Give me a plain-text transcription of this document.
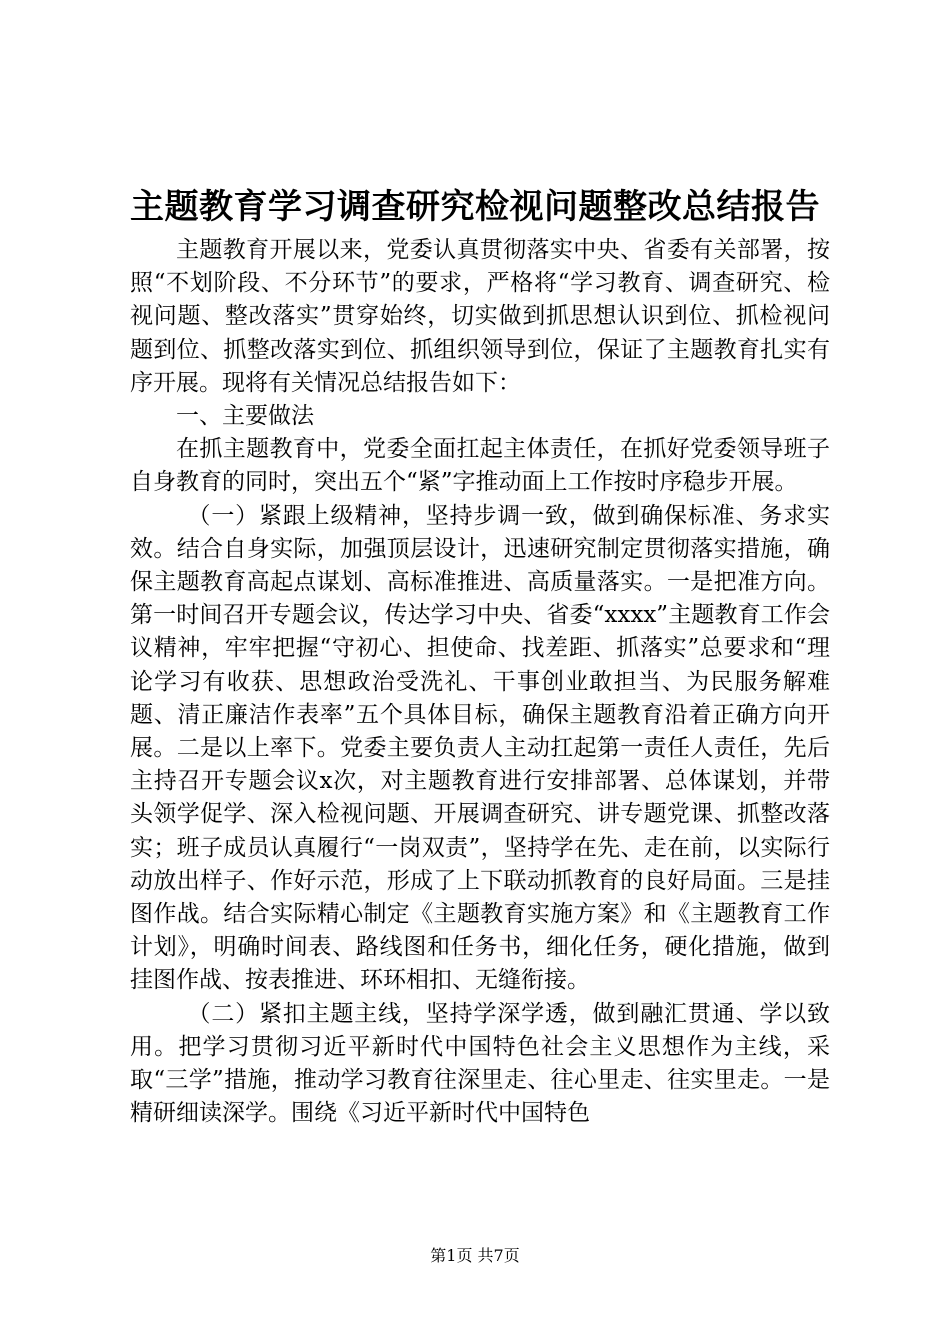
主题教育学习调查研究检视问题整改总结报告

主题教育开展以来，党委认真贯彻落实中央、省委有关部署，按照“不划阶段、不分环节”的要求，严格将“学习教育、调查研究、检视问题、整改落实”贯穿始终，切实做到抓思想认识到位、抓检视问题到位、抓整改落实到位、抓组织领导到位，保证了主题教育扎实有序开展。现将有关情况总结报告如下：

一、主要做法

在抓主题教育中，党委全面扛起主体责任，在抓好党委领导班子自身教育的同时，突出五个“紧”字推动面上工作按时序稳步开展。

（一）紧跟上级精神，坚持步调一致，做到确保标准、务求实效。结合自身实际，加强顶层设计，迅速研究制定贯彻落实措施，确保主题教育高起点谋划、高标准推进、高质量落实。一是把准方向。第一时间召开专题会议，传达学习中央、省委“xxxx”主题教育工作会议精神，牢牢把握“守初心、担使命、找差距、抓落实”总要求和“理论学习有收获、思想政治受洗礼、干事创业敢担当、为民服务解难题、清正廉洁作表率”五个具体目标，确保主题教育沿着正确方向开展。二是以上率下。党委主要负责人主动扛起第一责任人责任，先后主持召开专题会议x次，对主题教育进行安排部署、总体谋划，并带头领学促学、深入检视问题、开展调查研究、讲专题党课、抓整改落实；班子成员认真履行“一岗双责”，坚持学在先、走在前，以实际行动放出样子、作好示范，形成了上下联动抓教育的良好局面。三是挂图作战。结合实际精心制定《主题教育实施方案》和《主题教育工作计划》，明确时间表、路线图和任务书，细化任务，硬化措施，做到挂图作战、按表推进、环环相扣、无缝衔接。

（二）紧扣主题主线，坚持学深学透，做到融汇贯通、学以致用。把学习贯彻习近平新时代中国特色社会主义思想作为主线，采取“三学”措施，推动学习教育往深里走、往心里走、往实里走。一是精研细读深学。围绕《习近平新时代中国特色

第1页 共7页
